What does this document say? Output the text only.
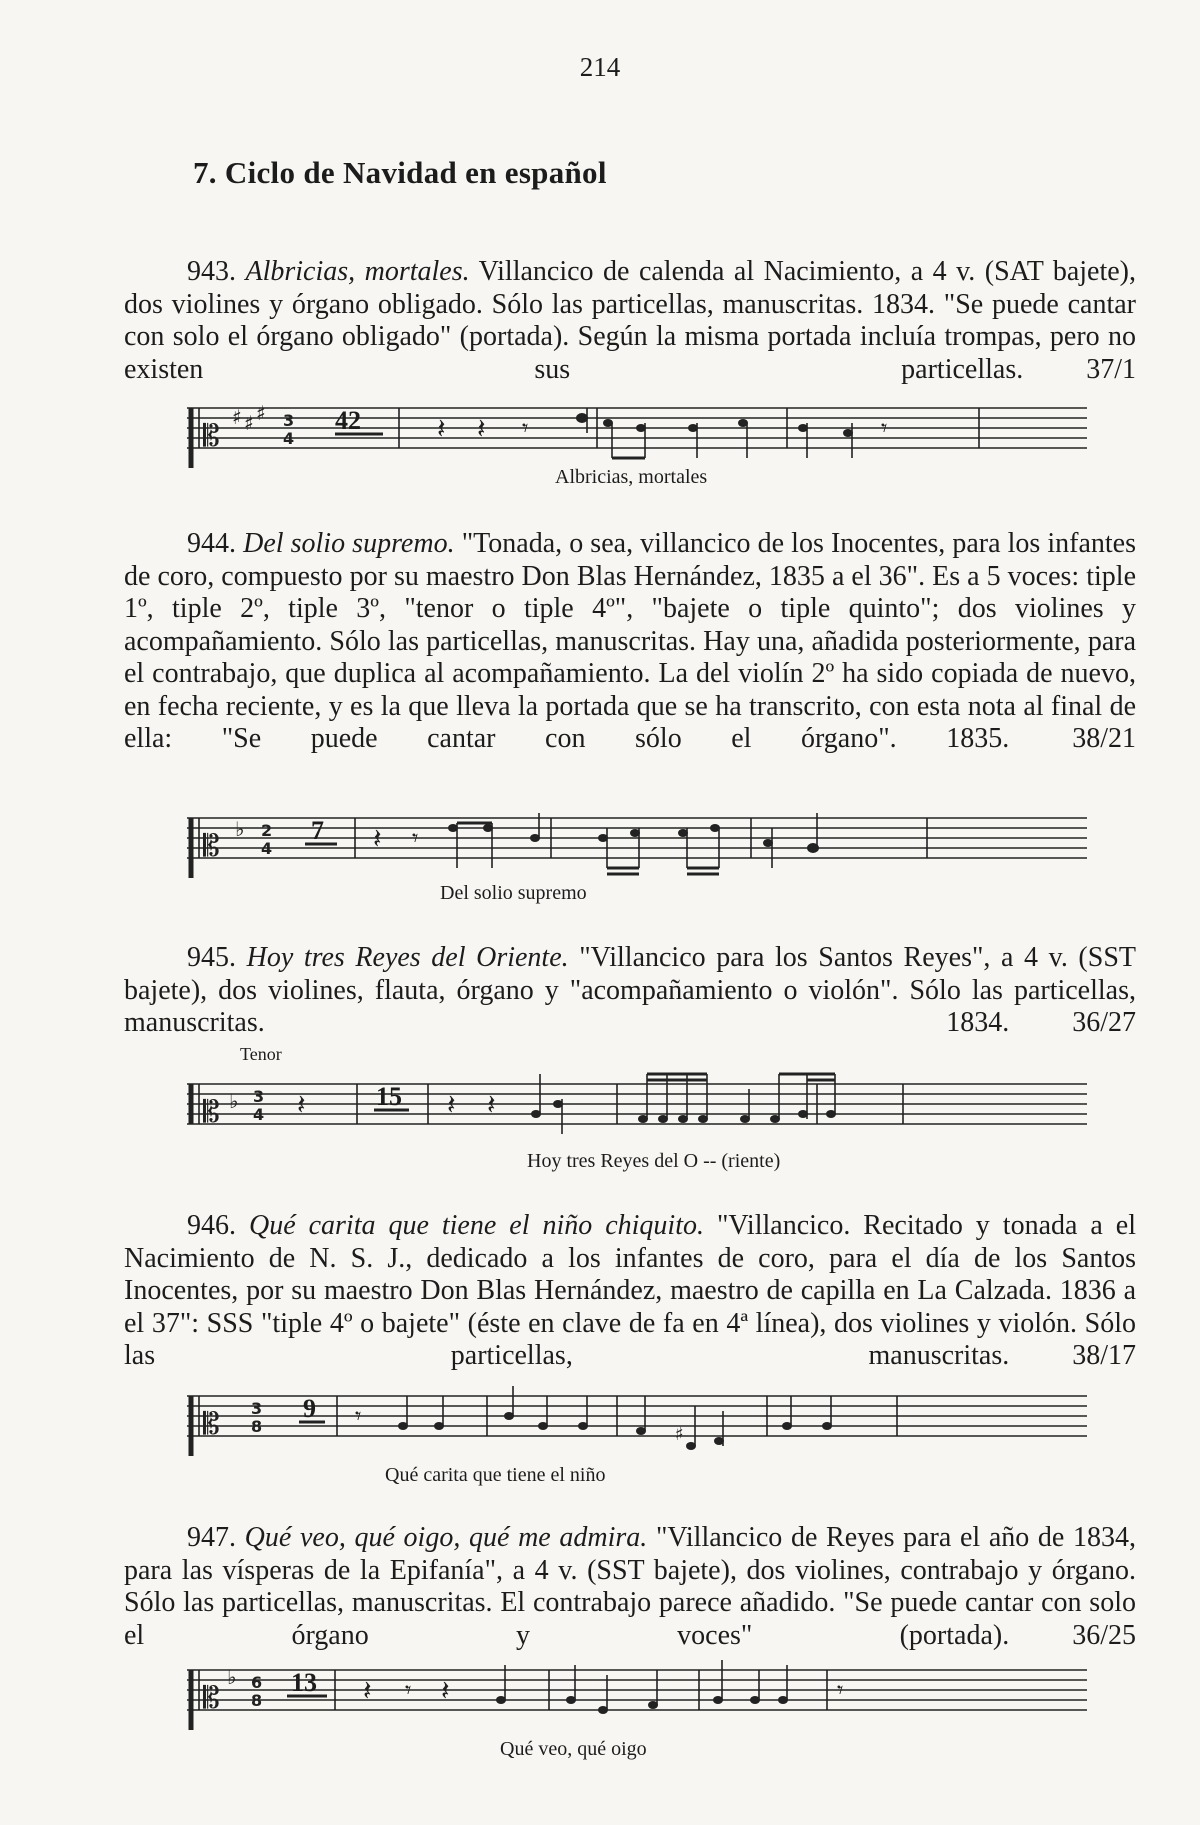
214
7. Ciclo de Navidad en español

943. Albricias, mortales. Villancico de calenda al Nacimiento, a 4 v. (SAT bajete), dos violines y órgano obligado. Sólo las particellas, manuscritas. 1834. "Se puede cantar con solo el órgano obligado" (portada). Según la misma portada incluía trompas, pero no existen sus particellas.	37/1

𝄡
♯ ♯ ♯ 3
4	𝄽 𝄽 𝄾	𝄾
42
Albricias, mortales

944. Del solio supremo. "Tonada, o sea, villancico de los Inocentes, para los infantes de coro, compuesto por su maestro Don Blas Hernández, 1835 a el 36". Es a 5 voces: tiple 1º, tiple 2º, tiple 3º, "tenor o tiple 4º", "bajete o tiple quinto"; dos violines y acompañamiento. Sólo las particellas, manuscritas. Hay una, añadida posteriormente, para el contrabajo, que duplica al acompañamiento. La del violín 2º ha sido copiada de nuevo, en fecha reciente, y es la que lleva la portada que se ha transcrito, con esta nota al final de ella: "Se puede cantar con sólo el órgano". 1835.	38/21

𝄡 ♭ 2
4	𝄽 𝄾
7
Del solio supremo

945. Hoy tres Reyes del Oriente. "Villancico para los Santos Reyes", a 4 v. (SST bajete), dos violines, flauta, órgano y "acompañamiento o violón". Sólo las particellas, manuscritas. 1834.	36/27

Tenor
𝄡 ♭ 3
4 𝄽	𝄽 𝄽
15
Hoy tres Reyes del O -- (riente)

946. Qué carita que tiene el niño chiquito. "Villancico. Recitado y tonada a el Nacimiento de N. S. J., dedicado a los infantes de coro, para el día de los Santos Inocentes, por su maestro Don Blas Hernández, maestro de capilla en La Calzada. 1836 a el 37": SSS "tiple 4º o bajete" (éste en clave de fa en 4ª línea), dos violines y violón. Sólo las particellas, manuscritas.	38/17

𝄡 3
8	𝄾
♯
9
Qué carita que tiene el niño

947. Qué veo, qué oigo, qué me admira. "Villancico de Reyes para el año de 1834, para las vísperas de la Epifanía", a 4 v. (SST bajete), dos violines, contrabajo y órgano. Sólo las particellas, manuscritas. El contrabajo parece añadido. "Se puede cantar con solo el órgano y voces" (portada).	36/25

𝄡
♭ 6
8	𝄽 𝄾 𝄽	𝄾
13
Qué veo, qué oigo
